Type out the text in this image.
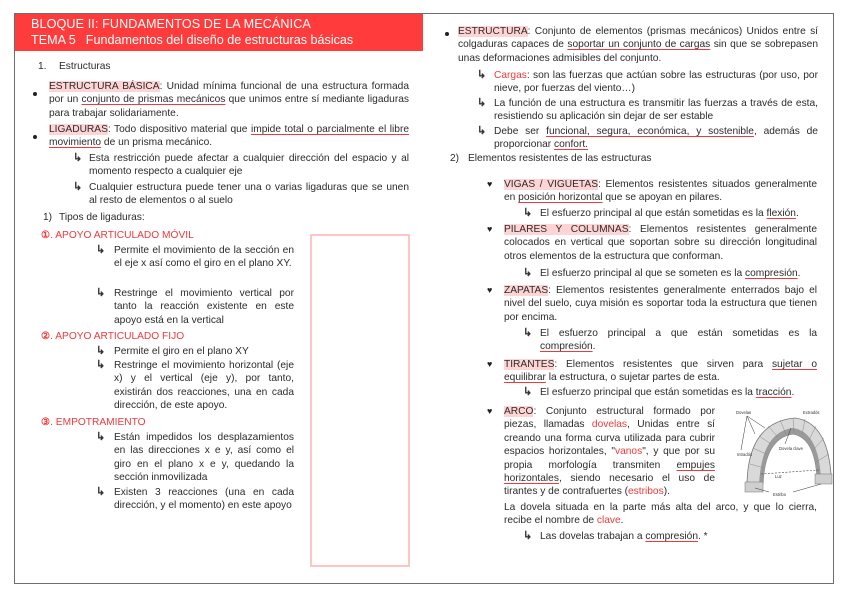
BLOQUE II: FUNDAMENTOS DE LA MECÁNICA
TEMA 5 Fundamentos del diseño de estructuras básicas
1. Estructuras
ESTRUCTURA BÁSICA: Unidad mínima funcional de una estructura formada por un conjunto de prismas mecánicos que unimos entre sí mediante ligaduras para trabajar solidariamente.
LIGADURAS: Todo dispositivo material que impide total o parcialmente el libre movimiento de un prisma mecánico.
↳ Esta restricción puede afectar a cualquier dirección del espacio y al momento respecto a cualquier eje
↳ Cualquier estructura puede tener una o varias ligaduras que se unen al resto de elementos o al suelo
1) Tipos de ligaduras:
①. APOYO ARTICULADO MÓVIL
↳ Permite el movimiento de la sección en el eje x así como el giro en el plano XY.
↳ Restringe el movimiento vertical por tanto la reacción existente en este apoyo está en la vertical
②. APOYO ARTICULADO FIJO
↳ Permite el giro en el plano XY
↳ Restringe el movimiento horizontal (eje x) y el vertical (eje y), por tanto, existirán dos reacciones, una en cada dirección, de este apoyo.
③. EMPOTRAMIENTO
↳ Están impedidos los desplazamientos en las direcciones x e y, así como el giro en el plano x e y, quedando la sección inmovilizada
↳ Existen 3 reacciones (una en cada dirección, y el momento) en este apoyo
ESTRUCTURA: Conjunto de elementos (prismas mecánicos) Unidos entre sí colgaduras capaces de soportar un conjunto de cargas sin que se sobrepasen unas deformaciones admisibles del conjunto.
↳ Cargas: son las fuerzas que actúan sobre las estructuras (por uso, por nieve, por fuerzas del viento…)
↳ La función de una estructura es transmitir las fuerzas a través de esta, resistiendo su aplicación sin dejar de ser estable
↳ Debe ser funcional, segura, económica, y sostenible, además de proporcionar confort.
2) Elementos resistentes de las estructuras
♥ VIGAS / VIGUETAS: Elementos resistentes situados generalmente en posición horizontal que se apoyan en pilares.
↳ El esfuerzo principal al que están sometidas es la flexión.
♥ PILARES Y COLUMNAS: Elementos resistentes generalmente colocados en vertical que soportan sobre su dirección longitudinal otros elementos de la estructura que conforman.
↳ El esfuerzo principal al que se someten es la compresión.
♥ ZAPATAS: Elementos resistentes generalmente enterrados bajo el nivel del suelo, cuya misión es soportar toda la estructura que tienen por encima.
↳ El esfuerzo principal a que están sometidas es la compresión.
♥ TIRANTES: Elementos resistentes que sirven para sujetar o equilibrar la estructura, o sujetar partes de esta.
↳ El esfuerzo principal que están sometidas es la tracción.
♥ ARCO: Conjunto estructural formado por piezas, llamadas dovelas, Unidas entre sí creando una forma curva utilizada para cubrir espacios horizontales, "vanos", y que por su propia morfología transmiten empujes horizontales, siendo necesario el uso de tirantes y de contrafuertes (estribos).
Dovelas	Extradós
Dovela clave
Intradós
Luz
Estribo
La dovela situada en la parte más alta del arco, y que lo cierra, recibe el nombre de clave.
↳ Las dovelas trabajan a compresión. *
